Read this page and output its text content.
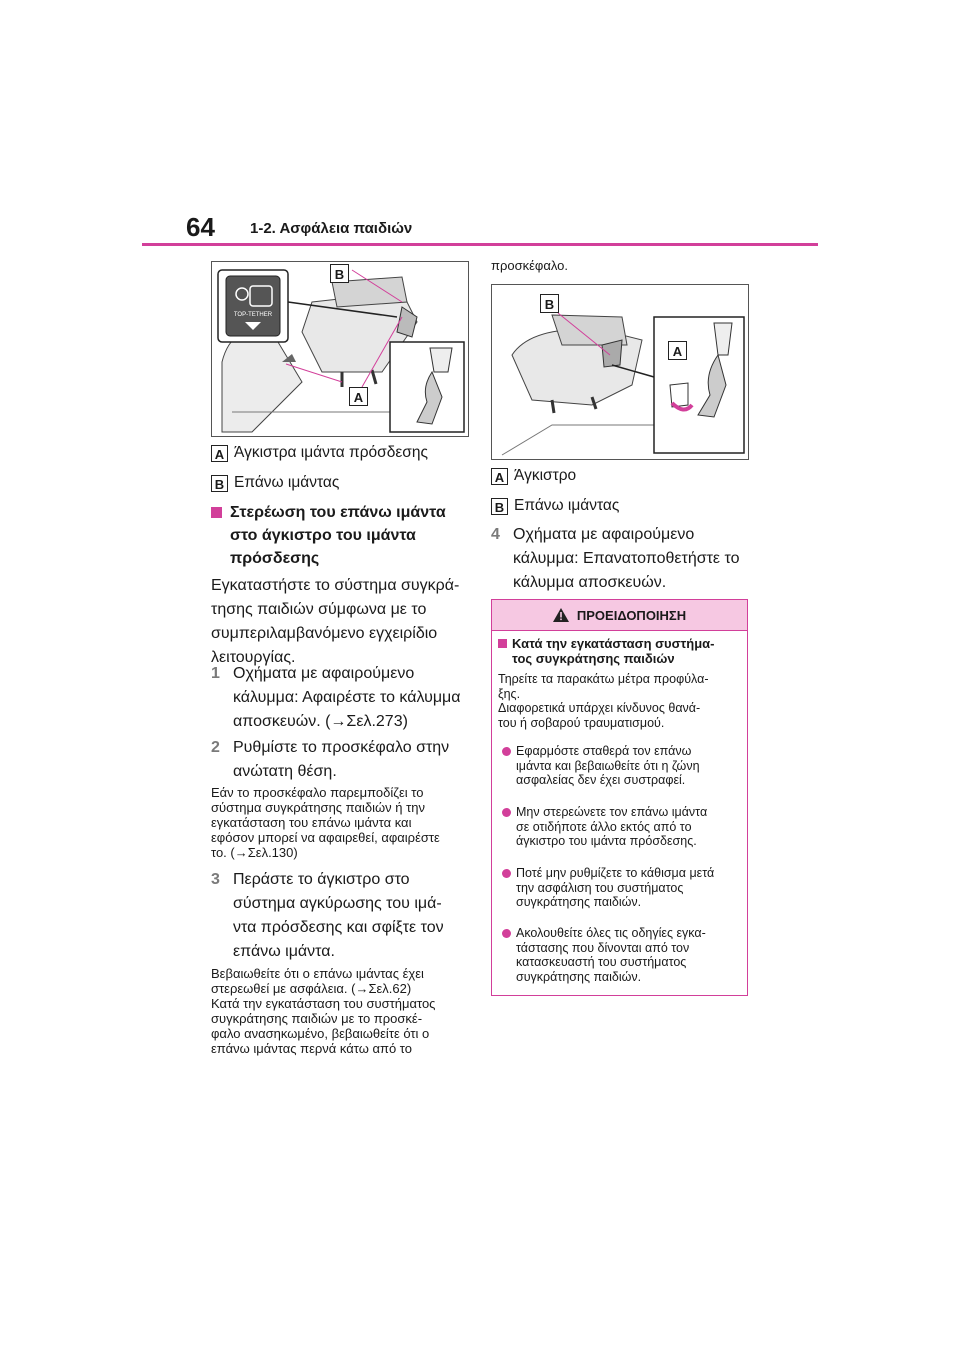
64 1-2. Ασφάλεια παιδιών
TOP-TETHER
B
A
A Άγκιστρα ιμάντα πρόσδεσης
B Επάνω ιμάντας
Στερέωση του επάνω ιμάντα
στο άγκιστρο του ιμάντα
πρόσδεσης
Εγκαταστήστε το σύστημα συγκρά-
τησης παιδιών σύμφωνα με το
συμπεριλαμβανόμενο εγχειρίδιο
λειτουργίας.
1 Οχήματα με αφαιρούμενο
κάλυμμα: Αφαιρέστε το κάλυμμα
αποσκευών. (→Σελ.273)
2 Ρυθμίστε το προσκέφαλο στην
ανώτατη θέση.
Εάν το προσκέφαλο παρεμποδίζει το
σύστημα συγκράτησης παιδιών ή την
εγκατάσταση του επάνω ιμάντα και
εφόσον μπορεί να αφαιρεθεί, αφαιρέστε
το. (→Σελ.130)
3 Περάστε το άγκιστρο στο
σύστημα αγκύρωσης του ιμά-
ντα πρόσδεσης και σφίξτε τον
επάνω ιμάντα.
Βεβαιωθείτε ότι ο επάνω ιμάντας έχει
στερεωθεί με ασφάλεια. (→Σελ.62)
Κατά την εγκατάσταση του συστήματος
συγκράτησης παιδιών με το προσκέ-
φαλο ανασηκωμένο, βεβαιωθείτε ότι ο
επάνω ιμάντας περνά κάτω από το
προσκέφαλο.
B
A
A Άγκιστρο
B Επάνω ιμάντας
4 Οχήματα με αφαιρούμενο
κάλυμμα: Επανατοποθετήστε το
κάλυμμα αποσκευών.
ΠΡΟΕΙΔΟΠΟΙΗΣΗ
Κατά την εγκατάσταση συστήμα-
τος συγκράτησης παιδιών
Τηρείτε τα παρακάτω μέτρα προφύλα-
ξης.
Διαφορετικά υπάρχει κίνδυνος θανά-
του ή σοβαρού τραυματισμού.
Εφαρμόστε σταθερά τον επάνω
ιμάντα και βεβαιωθείτε ότι η ζώνη
ασφαλείας δεν έχει συστραφεί.
Μην στερεώνετε τον επάνω ιμάντα
σε οτιδήποτε άλλο εκτός από το
άγκιστρο του ιμάντα πρόσδεσης.
Ποτέ μην ρυθμίζετε το κάθισμα μετά
την ασφάλιση του συστήματος
συγκράτησης παιδιών.
Ακολουθείτε όλες τις οδηγίες εγκα-
τάστασης που δίνονται από τον
κατασκευαστή του συστήματος
συγκράτησης παιδιών.
